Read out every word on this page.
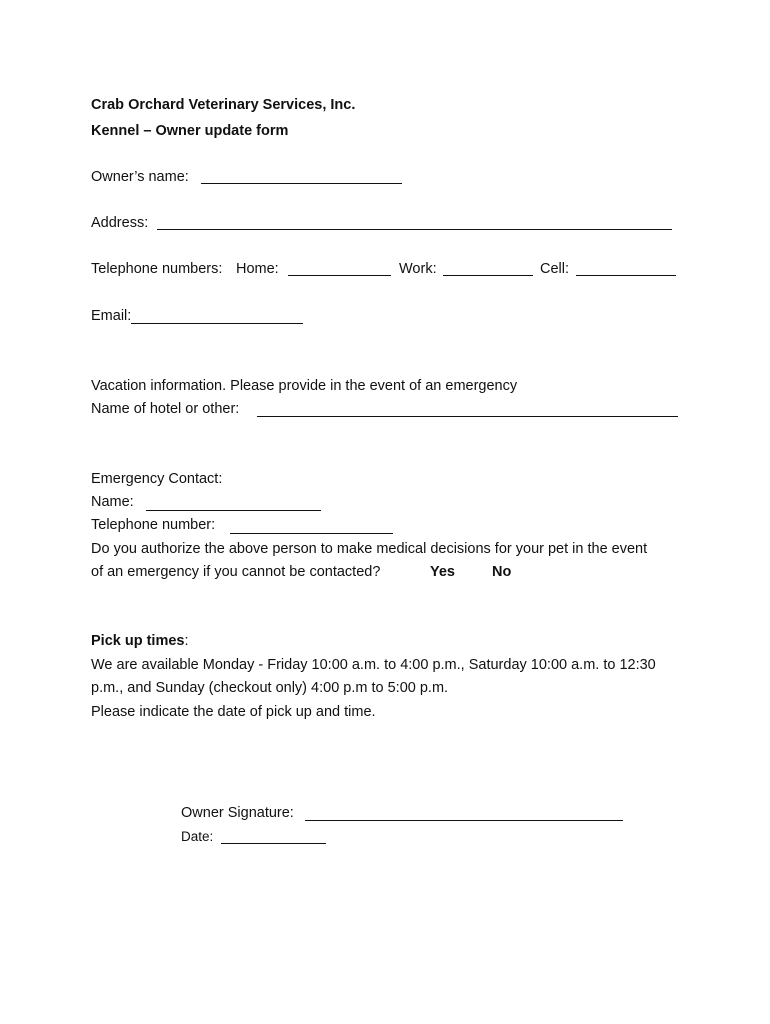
Crab Orchard Veterinary Services, Inc.
Kennel – Owner update form
Owner’s name:
Address:
Telephone numbers: Home:	Work:	Cell:
Email:
Vacation information. Please provide in the event of an emergency
Name of hotel or other:
Emergency Contact:
Name:
Telephone number:
Do you authorize the above person to make medical decisions for your pet in the event
of an emergency if you cannot be contacted?	Yes	No
Pick up times:
We are available Monday - Friday 10:00 a.m. to 4:00 p.m., Saturday 10:00 a.m. to 12:30
p.m., and Sunday (checkout only) 4:00 p.m to 5:00 p.m.
Please indicate the date of pick up and time.
Owner Signature:
Date:
